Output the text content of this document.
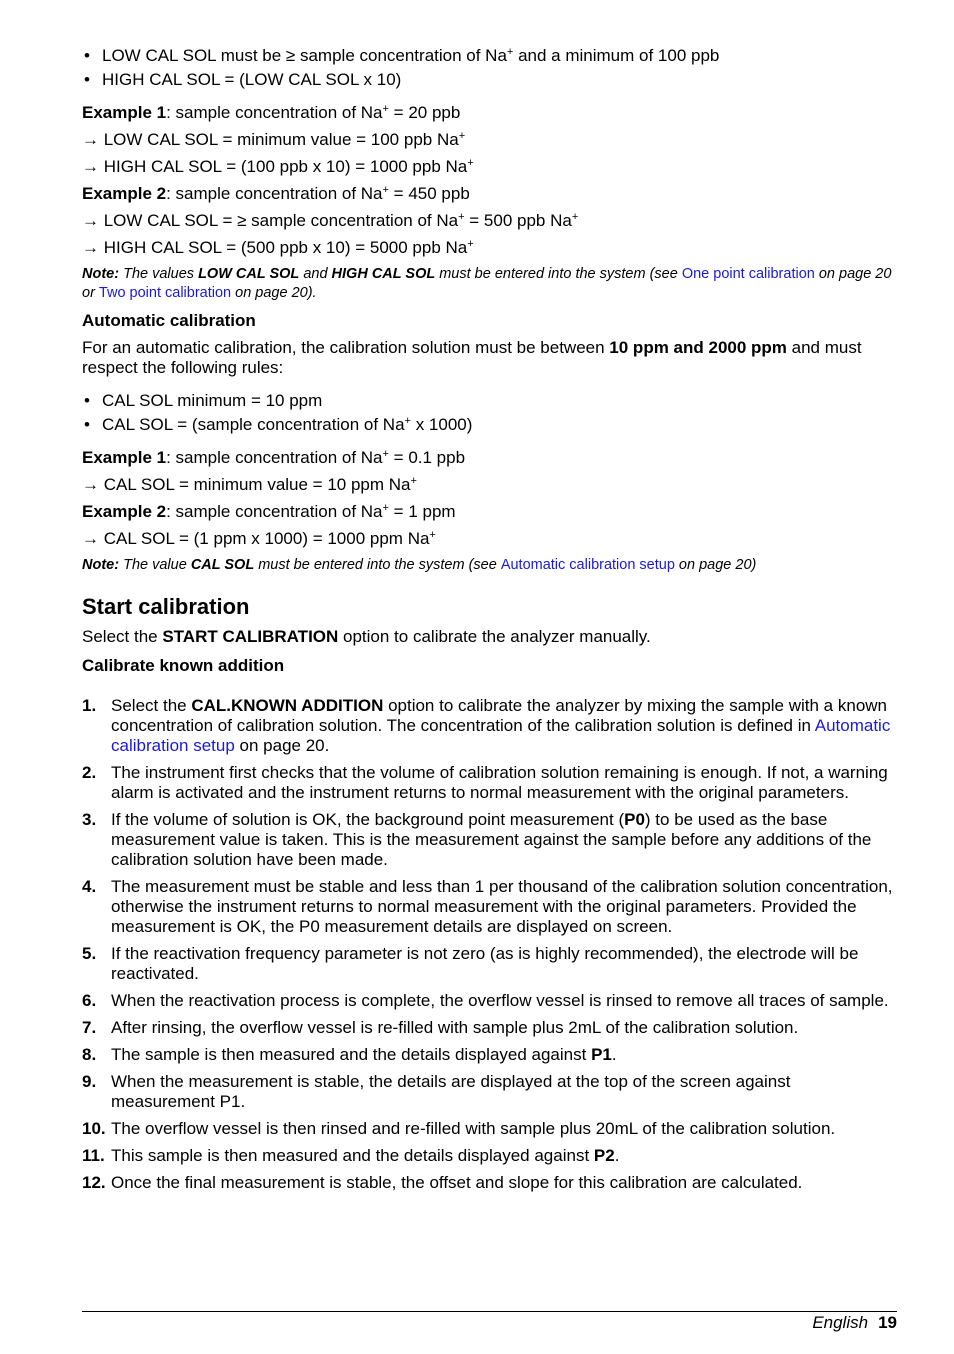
• LOW CAL SOL must be ≥ sample concentration of Na+ and a minimum of 100 ppb
• HIGH CAL SOL = (LOW CAL SOL x 10)

Example 1: sample concentration of Na+ = 20 ppb

→ LOW CAL SOL = minimum value = 100 ppb Na+

→ HIGH CAL SOL = (100 ppb x 10) = 1000 ppb Na+

Example 2: sample concentration of Na+ = 450 ppb

→ LOW CAL SOL = ≥ sample concentration of Na+ = 500 ppb Na+

→ HIGH CAL SOL = (500 ppb x 10) = 5000 ppb Na+

Note: The values LOW CAL SOL and HIGH CAL SOL must be entered into the system (see One point calibration on page 20 or Two point calibration on page 20).

Automatic calibration

For an automatic calibration, the calibration solution must be between 10 ppm and 2000 ppm and must respect the following rules:

• CAL SOL minimum = 10 ppm
• CAL SOL = (sample concentration of Na+ x 1000)

Example 1: sample concentration of Na+ = 0.1 ppb

→ CAL SOL = minimum value = 10 ppm Na+

Example 2: sample concentration of Na+ = 1 ppm

→ CAL SOL = (1 ppm x 1000) = 1000 ppm Na+

Note: The value CAL SOL must be entered into the system (see Automatic calibration setup on page 20)

Start calibration

Select the START CALIBRATION option to calibrate the analyzer manually.

Calibrate known addition
1. Select the CAL.KNOWN ADDITION option to calibrate the analyzer by mixing the sample with a known concentration of calibration solution. The concentration of the calibration solution is defined in Automatic calibration setup on page 20.
2. The instrument first checks that the volume of calibration solution remaining is enough. If not, a warning alarm is activated and the instrument returns to normal measurement with the original parameters.
3. If the volume of solution is OK, the background point measurement (P0) to be used as the base measurement value is taken. This is the measurement against the sample before any additions of the calibration solution have been made.
4. The measurement must be stable and less than 1 per thousand of the calibration solution concentration, otherwise the instrument returns to normal measurement with the original parameters. Provided the measurement is OK, the P0 measurement details are displayed on screen.
5. If the reactivation frequency parameter is not zero (as is highly recommended), the electrode will be reactivated.
6. When the reactivation process is complete, the overflow vessel is rinsed to remove all traces of sample.
7. After rinsing, the overflow vessel is re-filled with sample plus 2mL of the calibration solution.
8. The sample is then measured and the details displayed against P1.
9. When the measurement is stable, the details are displayed at the top of the screen against measurement P1.
10. The overflow vessel is then rinsed and re-filled with sample plus 20mL of the calibration solution.
11. This sample is then measured and the details displayed against P2.
12. Once the final measurement is stable, the offset and slope for this calibration are calculated.
English 19
